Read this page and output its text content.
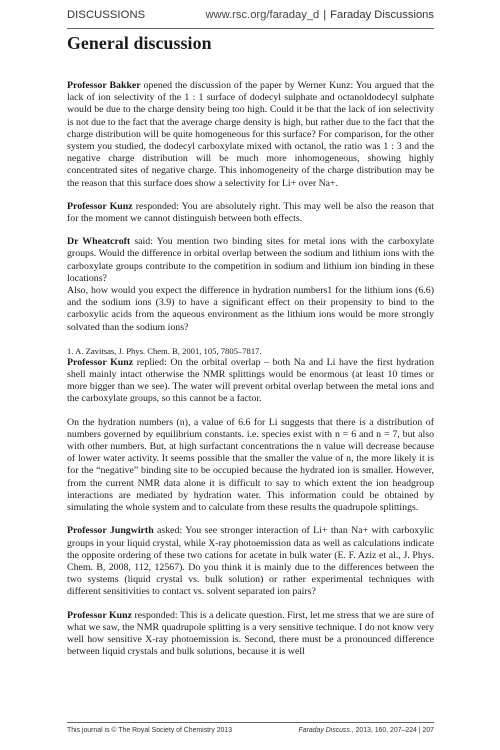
DISCUSSIONS	www.rsc.org/faraday_d | Faraday Discussions
General discussion

Professor Bakker opened the discussion of the paper by Werner Kunz: You argued that the lack of ion selectivity of the 1 : 1 surface of dodecyl sulphate and octanoldodecyl sulphate would be due to the charge density being too high. Could it be that the lack of ion selectivity is not due to the fact that the average charge density is high, but rather due to the fact that the charge distribution will be quite homogeneous for this surface? For comparison, for the other system you studied, the dodecyl carboxylate mixed with octanol, the ratio was 1 : 3 and the negative charge distribution will be much more inhomogeneous, showing highly concentrated sites of negative charge. This inhomogeneity of the charge distribution may be the reason that this surface does show a selectivity for Li+ over Na+.

Professor Kunz responded: You are absolutely right. This may well be also the reason that for the moment we cannot distinguish between both effects.

Dr Wheatcroft said: You mention two binding sites for metal ions with the carboxylate groups. Would the difference in orbital overlap between the sodium and lithium ions with the carboxylate groups contribute to the competition in sodium and lithium ion binding in these locations?

Also, how would you expect the difference in hydration numbers1 for the lithium ions (6.6) and the sodium ions (3.9) to have a significant effect on their propensity to bind to the carboxylic acids from the aqueous environment as the lithium ions would be more strongly solvated than the sodium ions?

1. A. Zavitsas, J. Phys. Chem. B, 2001, 105, 7805–7817.

Professor Kunz replied: On the orbital overlap – both Na and Li have the first hydration shell mainly intact otherwise the NMR splittings would be enormous (at least 10 times or more bigger than we see). The water will prevent orbital overlap between the metal ions and the carboxylate groups, so this cannot be a factor.

On the hydration numbers (n), a value of 6.6 for Li suggests that there is a distribution of numbers governed by equilibrium constants. i.e. species exist with n = 6 and n = 7, but also with other numbers. But, at high surfactant concentrations the n value will decrease because of lower water activity. It seems possible that the smaller the value of n, the more likely it is for the “negative” binding site to be occupied because the hydrated ion is smaller. However, from the current NMR data alone it is difficult to say to which extent the ion headgroup interactions are mediated by hydration water. This information could be obtained by simulating the whole system and to calculate from these results the quadrupole splittings.

Professor Jungwirth asked: You see stronger interaction of Li+ than Na+ with carboxylic groups in your liquid crystal, while X-ray photoemission data as well as calculations indicate the opposite ordering of these two cations for acetate in bulk water (E. F. Aziz et al., J. Phys. Chem. B, 2008, 112, 12567). Do you think it is mainly due to the differences between the two systems (liquid crystal vs. bulk solution) or rather experimental techniques with different sensitivities to contact vs. solvent separated ion pairs?

Professor Kunz responded: This is a delicate question. First, let me stress that we are sure of what we saw, the NMR quadrupole splitting is a very sensitive technique. I do not know very well how sensitive X-ray photoemission is. Second, there must be a pronounced difference between liquid crystals and bulk solutions, because it is well

This journal is © The Royal Society of Chemistry 2013	Faraday Discuss., 2013, 160, 207–224 | 207
